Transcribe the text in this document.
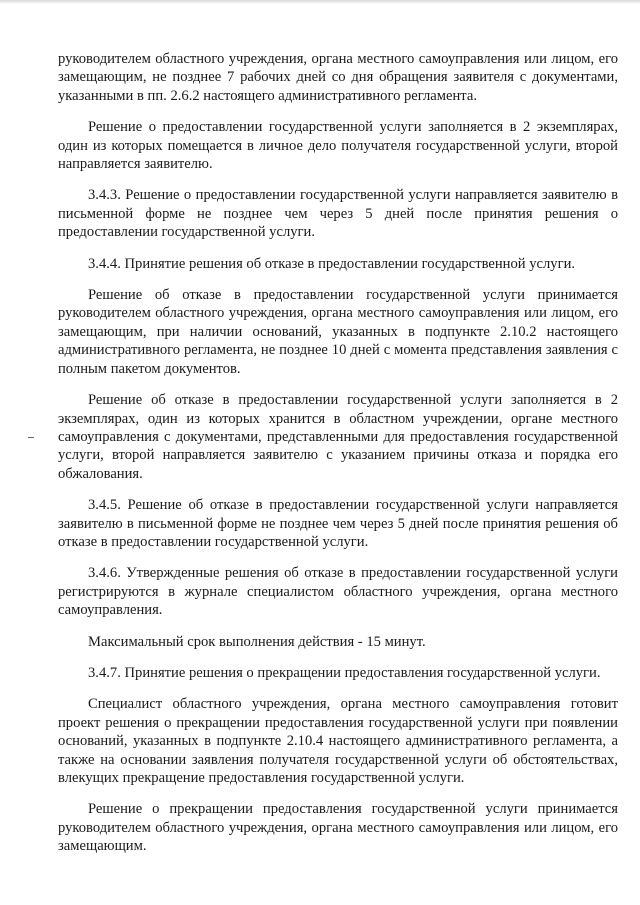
руководителем областного учреждения, органа местного самоуправления или лицом, его замещающим, не позднее 7 рабочих дней со дня обращения заявителя с документами, указанными в пп. 2.6.2 настоящего административного регламента.

Решение о предоставлении государственной услуги заполняется в 2 экземплярах, один из которых помещается в личное дело получателя государственной услуги, второй направляется заявителю.

3.4.3. Решение о предоставлении государственной услуги направляется заявителю в письменной форме не позднее чем через 5 дней после принятия решения о предоставлении государственной услуги.

3.4.4. Принятие решения об отказе в предоставлении государственной услуги.

Решение об отказе в предоставлении государственной услуги принимается руководителем областного учреждения, органа местного самоуправления или лицом, его замещающим, при наличии оснований, указанных в подпункте 2.10.2 настоящего административного регламента, не позднее 10 дней с момента представления заявления с полным пакетом документов.

Решение об отказе в предоставлении государственной услуги заполняется в 2 экземплярах, один из которых хранится в областном учреждении, органе местного самоуправления с документами, представленными для предоставления государственной услуги, второй направляется заявителю с указанием причины отказа и порядка его обжалования.

3.4.5. Решение об отказе в предоставлении государственной услуги направляется заявителю в письменной форме не позднее чем через 5 дней после принятия решения об отказе в предоставлении государственной услуги.

3.4.6. Утвержденные решения об отказе в предоставлении государственной услуги регистрируются в журнале специалистом областного учреждения, органа местного самоуправления.

Максимальный срок выполнения действия - 15 минут.

3.4.7. Принятие решения о прекращении предоставления государственной услуги.

Специалист областного учреждения, органа местного самоуправления готовит проект решения о прекращении предоставления государственной услуги при появлении оснований, указанных в подпункте 2.10.4 настоящего административного регламента, а также на основании заявления получателя государственной услуги об обстоятельствах, влекущих прекращение предоставления государственной услуги.

Решение о прекращении предоставления государственной услуги принимается руководителем областного учреждения, органа местного самоуправления или лицом, его замещающим.
